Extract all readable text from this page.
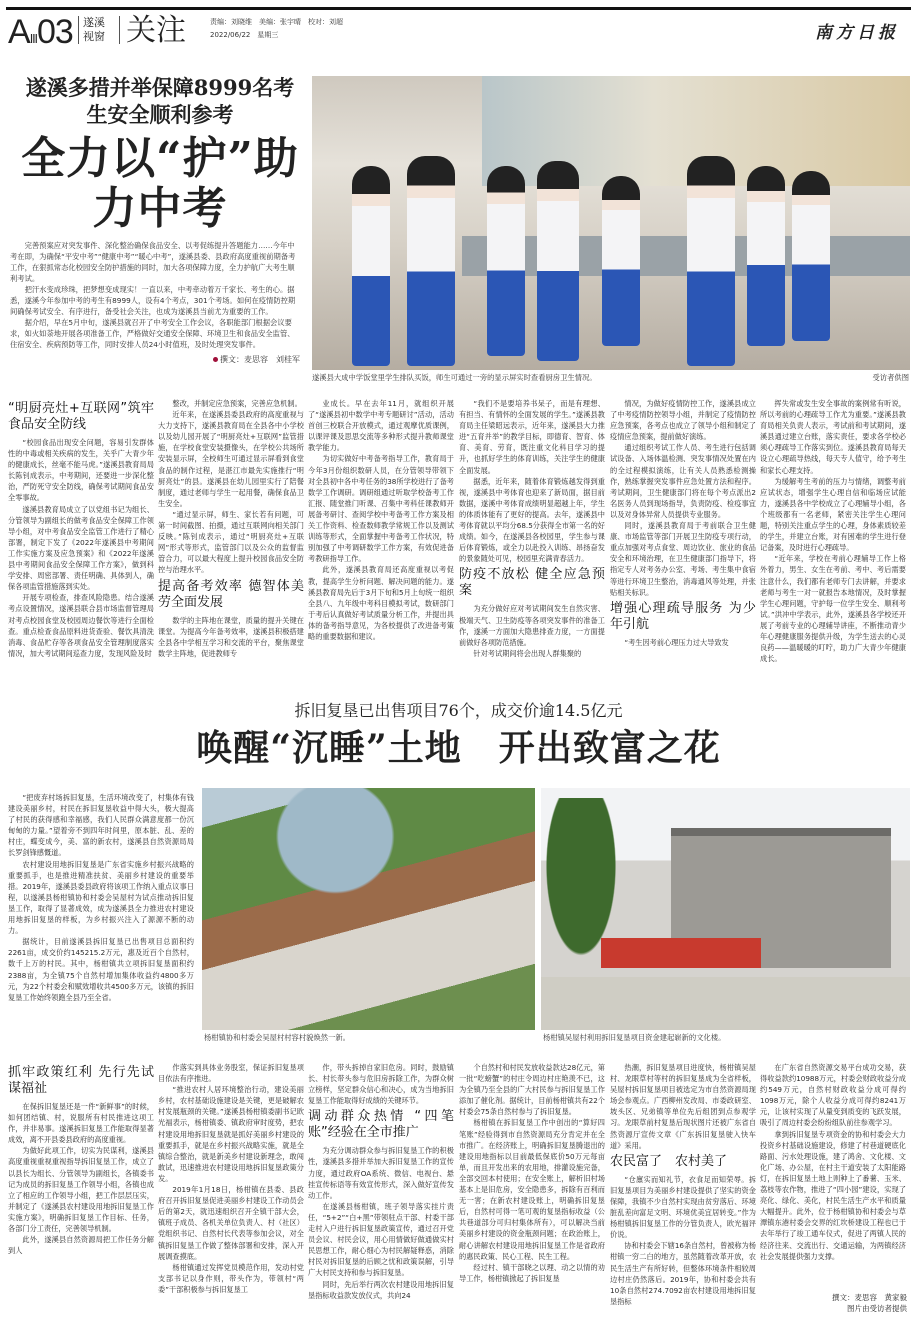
AⅢ03 遂溪视窗 关注	责编：刘晓维　美编：张宇晴　校对：刘超
2022/06/22　星期三	南方日报
遂溪多措并举保障8999名考生安全顺利参考
全力以“护”助力中考

完善预案应对突发事件、深化整治确保食品安全、以考促练提升答题能力……今年中考在即，为确保“平安中考”“健康中考”“暖心中考”，遂溪县委、县政府高度重视前期备考工作，在狠抓常态化校园安全防护措施的同时，加大各项保障力度，全力护航广大考生顺利考试。

把汗水变成珍珠，把梦想变成现实！一直以来，中考牵动着万千家长、考生的心。据悉，遂溪今年参加中考的考生有8999人，设有4个考点，301个考场。如何在疫情防控期间确保考试安全、有序进行，备受社会关注，也成为遂溪县当前尤为重要的工作。

据介绍，早在5月中旬，遂溪县就召开了中考安全工作会议，各职能部门根据会议要求，如火如荼地开展各项准备工作，严格做好交通安全保障、环境卫生和食品安全监管、住宿安全、疾病预防等工作，同时安排人员24小时值班，及时处理突发事件。

撰文：麦思容　刘桂军
遂溪县大成中学饭堂里学生排队买饭，师生可通过一旁的显示屏实时查看厨房卫生情况。	受访者供图
“明厨亮灶+互联网”筑牢食品安全防线

“校园食品出现安全问题，容易引发群体性的中毒或相关疾病的发生，关乎广大青少年的健康成长，丝毫不能马虎。”遂溪县教育局局长陈钊成表示，中考期间，还要进一步深化整治，严防死守安全防线，确保考试期间食品安全零事故。

遂溪县教育局成立了以党组书记为组长、分管领导为副组长的做考食品安全保障工作领导小组，对中考食品安全监管工作进行了精心部署，制定下发了《2022年遂溪县中考期间工作实施方案及应急预案》和《2022年遂溪县中考期间食品安全保障工作方案》，做到科学安排、周密部署、责任明确、具体到人，确保各项监管措施落到实处。

开展专项检查，排查风险隐患。结合遂溪考点设置情况，遂溪县联合县市场监督管理局对考点校园食堂及校园周边餐饮等进行全面检查。重点检查食品原料进货查验、餐饮具清洗消毒、食品贮存等各项食品安全管理制度落实情况，加大考试期间巡查力度，发现风险及时

整改，并制定应急预案，完善应急机制。

近年来，在遂溪县委县政府的高度重视与大力支持下，遂溪县教育局在全县各中小学校以及幼儿园开展了“明厨亮灶+互联网”监管措施，在学校食堂安装摄像头，在学校公共场所安装显示屏，全校师生可通过显示屏看到食堂食品的制作过程，是湛江市最先实施推行“明厨亮灶”的县。遂溪县在幼儿园里实行了陪餐制度，通过老师与学生一起用餐，确保食品卫生安全。

“通过显示屏，师生、家长若有问题，可第一时间截图、拍摄，通过互联网向相关部门反映。”陈钊成表示，通过“明厨亮灶+互联网”形式等形式，监管部门以及公众的监督监管合力，可以最大程度上提升校园食品安全防控与治理水平。

提高备考效率 德智体美劳全面发展

数学的主阵地在课堂，质量的提升关键在课堂。为提高今年备考效率，遂溪县积极搭建全县各中学相互学习和交流的平台，聚焦课堂数学主阵地，促进教师专

业成长。早在去年11月，就组织开展了“遂溪县初中数学中考专题研讨”活动，活动首创三校联合开放模式，通过观摩优质课例，以课评课及思思交流等多种形式提升教师课堂教学能力。

为切实做好中考备考指导工作，教育局于今年3月份组织数研人员，在分管领导带领下对全县初中各中考任务的38所学校进行了备考数学工作调研。调研组通过听取学校备考工作汇报、随堂推门听课、召集中考科任课教师开展备考研讨、查阅学校中考备考工作方案及相关工作资料、检查数师教学常规工作以及测试训练等形式，全面掌握中考备考工作状况，特别加强了中考调研数学工作方案，有效促进备考教研指导工作。

此外，遂溪县教育局还高度重视以考促教，提高学生分析问题、解决问题的能力。遂溪县教育局先后于3月下旬和5月上旬统一组织全县八、九年级中考科目模拟考试，数研部门于考后认真做好考试质量分析工作，并提出具体的备考指导意见，为各校提供了改进备考策略的重要数据和建议。

“我们不是要培养书呆子，而是有理想、有担当、有情怀的全面发展的学生。”遂溪县教育局主任梁昭远表示，近年来，遂溪县大力推进“五育并举”的教学目标，即德育、智育、体育、美育、劳育，既注重文化科目学习的提升，也抓好学生的体育训练，关注学生的健康全面发展。

据悉，近年来，随着体育锻炼越发得到重视，遂溪县中考体育也迎来了新局面，据目前数据，遂溪中考体育成绩明显超越上年，学生的体质体能有了更好的提高。去年，遂溪县中考体育就以平均分68.5分获得全市第一名的好成绩。如今，在遂溪县各校园里，学生参与课后体育锻炼，或全力以赴投入训练、昂扬奋发的景象随处可见，校园里充满青春活力。

防疫不放松 健全应急预案

为充分做好应对考试期间发生自然灾害、极端天气、卫生防疫等各项突发事件的准备工作，遂溪一方面加大隐患排查力度，一方面提前做好各项防范措施。

针对考试期间将会出现人群集聚的

情况，为做好疫情防控工作，遂溪县成立了中考疫情防控领导小组，并制定了疫情防控应急预案，各考点也成立了领导小组和制定了疫情应急预案，提前做好演练。

通过组织考试工作人员、考生进行包括调试设备、入场体温检测、突发事情况处置在内的全过程模拟演练，让有关人员熟悉检测操作，熟练掌握突发事件应急处置方法和程序。考试期间，卫生健康部门将在每个考点派出2名医务人员到现场指导，负责防疫、检疫事宜以及对身体异常人员提供专业服务。

同时，遂溪县教育局于考前联合卫生健康、市场监管等部门开展卫生防疫专项行动，重点加强对考点食堂、周边饮业、旅业的食品安全和环境治理，在卫生健康部门指导下，将指定专人对考务办公室、考场、考生集中食宿等进行环境卫生整治，消毒通风等处理，并张贴相关标识。

增强心理疏导服务 为少年引航

“考生因考前心理压力过大导致发

挥失常或发生安全事故的案例常有听说，所以考前的心理疏导工作尤为重要。”遂溪县教育局相关负责人表示，考试前和考试期间，遂溪县通过建立台账，落实责任，要求各学校必须心理疏导工作落实到位。遂溪县教育局每天设立心理疏导热线，每天专人值守，给予考生和家长心理支持。

为缓解考生考前的压力与情绪，调整考前应试状态，增强学生心理自信和临场应试能力，遂溪县各中学校成立了心理辅导小组，各个班级都有一名老师，紧密关注学生心理问题，特别关注重点学生的心理，身体素质较差的学生，并建立台账，对有困难的学生进行登记备案，及时进行心理疏导。

“近年来，学校在考前心理辅导工作上格外着力，男生、女生在考前、考中、考后需要注意什么，我们都有老师专门去讲解，并要求老师与考生一对一就报告本地情况，及时掌握学生心理问题，守护每一位学生安全、顺利考试。”洪冲中学表示，此外，遂溪县各学校还开展了考前专业的心理辅导讲座，不断推动青少年心理健康服务提供升级，为学生送去的心灵良药——温暖暖的叮咛，助力广大青少年健康成长。

拆旧复垦已出售项目76个，成交价逾14.5亿元
唤醒“沉睡”土地　开出致富之花

“把废弃村场拆旧复垦，生活环境改变了，村集体有钱建设美丽乡村，村民在拆旧复垦收益中得大头，极大提高了村民的获得感和幸福感，我们人民群众满意度都一份沉甸甸的力量。”望着旁不到四年时间里，原本脏、乱、差的村庄，蝶变成今，美、富的新农村，遂溪县自然资源局局长罗剑锋感慨道。

农村建设用地拆旧复垦是广东省实施乡村振兴战略的重要抓手，也是推进精准扶贫、美丽乡村建设的重要举措。2019年，遂溪县委县政府将该项工作纳入重点议事日程，以遂溪县杨柑镇协和村委会吴屋村为试点推动拆旧复垦工作，取得了显著成效，成为遂溪县全力推进农村建设用地拆旧复垦的样板，为乡村振兴注入了源源不断的动力。

据统计，目前遂溪县拆旧复垦已出售项目总面积约2261亩，成交价约145215.2万元，惠及近百个自然村，数千上万的村民。其中，杨柑镇共立项拆旧复垦面积约2388亩，为全镇75个自然村增加集体收益约4800多万元，为22个村委会和赋效增收共4500多万元，该镇的拆旧复垦工作始终领跑全县乃至全省。

杨柑镇协和村委会吴屋村村容村貌焕然一新。	杨柑镇吴屋村利用拆旧复垦项目资金建起崭新的文化楼。
抓牢政策红利 先行先试谋福祉

在保拆旧复垦还是一件“新鲜事”的时候，如何团结镇、村，说服所有村民推进这项工作，并非易事。遂溪拆旧复垦工作能取得显著成效，离不开县委县政府的高度重视。

为做好此项工作，切实为民谋利，遂溪县高度重视重视重视指导拆旧复垦工作，成立了以县长为组长、分管领导为副组长，各镇委书记为成员的拆旧复垦工作领导小组，各镇也成立了相应的工作领导小组，把工作层层压实，并制定了《遂溪县农村建设用地拆旧复垦工作实施方案》，明确拆旧复垦工作目标、任务，各部门分工责任，完善领导机制。

此外，遂溪县自然资源局把工作任务分解到人

作落实到具体业务股室，保证拆旧复垦项目依法有序推进。

“推进农村人居环境整治行动，建设美丽乡村，农村基础设施建设是关键，更是破解农村发展瓶颈的关键。”遂溪县杨柑镇委副书记欧光福表示，杨柑镇委、镇政府审时度势，把农村建设用地拆旧复垦就是抓好美丽乡村建设的重要抓手，就是在乡村振兴战略实施，就是全镇综合整治，就是新美乡村建设新理念，敢闯敢试，迅速推进农村建设用地拆旧复垦政策分发。

2019年1月18日，杨柑镇在县委、县政府召开拆旧复垦促进美丽乡村建设工作动员会后的第2天，就迅速组织召开全镇干部大会，镇班子成员、各机关单位负责人、村（社区）党组织书记、自然村长代表等参加会议，对全镇拆旧复垦工作做了整体部署和安排，深入开展调查摸底。

杨柑镇通过发挥党员模范作用，发动村党支部书记以身作则，带头作为，带领村“两委”干部积极参与拆旧复垦工

作，带头拆掉自家旧危房。同时，鼓励镇长、村长带头参与危旧房拆除工作，为群众树立榜样，坚定群众信心和决心，成为当地拆旧复垦工作能取得好成绩的关键环节。

调动群众热情 “四笔账”经验在全市推广

为充分调动群众参与拆旧复垦工作的积极性，遂溪县多措并举加大拆旧复垦工作的宣传力度，通过政府OA系统、微信、电视台、悬挂宣传标语等有效宣传形式，深入做好宣传发动工作。

在遂溪县杨柑镇，班子领导落实挂片责任，“5+2”“白+黑”带领驻点干部、村委干部走村入户进行拆旧复垦政策宣传，通过召开党员会议、村民会议，用心用情做好做通做实村民思想工作，耐心细心为村民解疑释惑，消除村民对拆旧复垦的后顾之忧和政策误解，引导广大村民支持和参与拆旧复垦。

同时，先后举行两次农村建设用地拆旧复垦指标收益款发放仪式，共向24

个自然村和村民发放收益款达28亿元，第一批“吃螃蟹”的村庄令周边村庄艳羡不已，这为全镇乃至全县的广大村民参与拆旧复垦工作添加了催化剂。据统计，目前杨柑镇共有22个村委会75条自然村参与了拆旧复垦。

杨柑镇在拆旧复垦工作中创出的“算好四笔账”经验得到市自然资源局充分肯定并在全市推广。在经济账上，明确拆旧复垦腾退出的建设用地指标以目前最低保底价50万元每亩单，而且开发出来的农用地，排灌设施完备，全部交回本村使用；在安全账上，解析旧村场基本上是旧危房，安全隐患多，拆除有百利而无一害；在新农村建设账上，明确拆旧复垦后，自然村可得一笔可观的复垦指标收益（公共巷道部分可归村集体所有），可以解决当前美丽乡村建设的资金瓶颈问题；在政治账上，耐心讲解农村建设用地拆旧复垦工作是省政府的惠民政策、民心工程、民生工程。

经过村、镇干部晓之以理、动之以情的劝导工作，杨柑镇掀起了拆旧复垦

热潮，拆旧复垦项目进度快，杨柑镇吴屋村、龙眼草村等村的拆旧复垦成为全省样板，吴屋村拆旧复垦项目被选定为市自然资源局现场会参观点。广西柳州发改局、市委政研室、坡头区、兄弟镇等单位先后组团到点参观学习。龙眼草前村复垦后现状图片还被广东省自然资源厅宣传文章《广东拆旧复垦驶入快车道》采用。

农民富了　农村美了

“仓廪实而知礼节，衣食足而知荣辱。拆旧复垦项目为美丽乡村建设提供了坚实的资金保障，我镇不少自然村实现由贫穷落后、环境脏乱差向富足文明、环境优美宜居转变。”作为杨柑镇拆旧复垦工作的分管负责人，欧光福评价说。

协和村委会下辖16条自然村，曾被称为杨柑镇一穷二白的地方，虽然随着改革开放，农民生活生产有所好转，但整体环境条件相较周边村庄仍然落后。2019年，协和村委会共有10条自然村274.7092亩农村建设用地拆旧复垦指标

在广东省自然资源交易平台成功交易，获得收益款约10988万元，村委会财政收益分成约549万元，自然村财政收益分成可得约1098万元，除个人收益分成可得约8241万元，让该村实现了从量变到质变的飞跃发展，吸引了周边村委会纷纷组队前往参观学习。

拿到拆旧复垦专项资金的协和村委会大力投资乡村基础设施建设，修建了村巷道硬底化路面、污水处理设施，建了鸿舍、文化楼、文化广场、办公屋，在村主干道安装了太阳能路灯，在拆旧复垦土地上则种上了番薯、玉米、荔枝等农作物，推进了“四小园”建设，实现了亮化、绿化、美化，村民生活生产水平和质量大幅提升。此外，位于杨柑镇协和村委会与草潭镇东港村委会交界的红坎桥建设工程也已于去年举行了竣工通车仪式，促进了两镇人民的经济往来、交流出行、交通运输，为两镇经济社会发展提供强力支撑。

撰文：麦思容　黄家毅
图片由受访者提供
